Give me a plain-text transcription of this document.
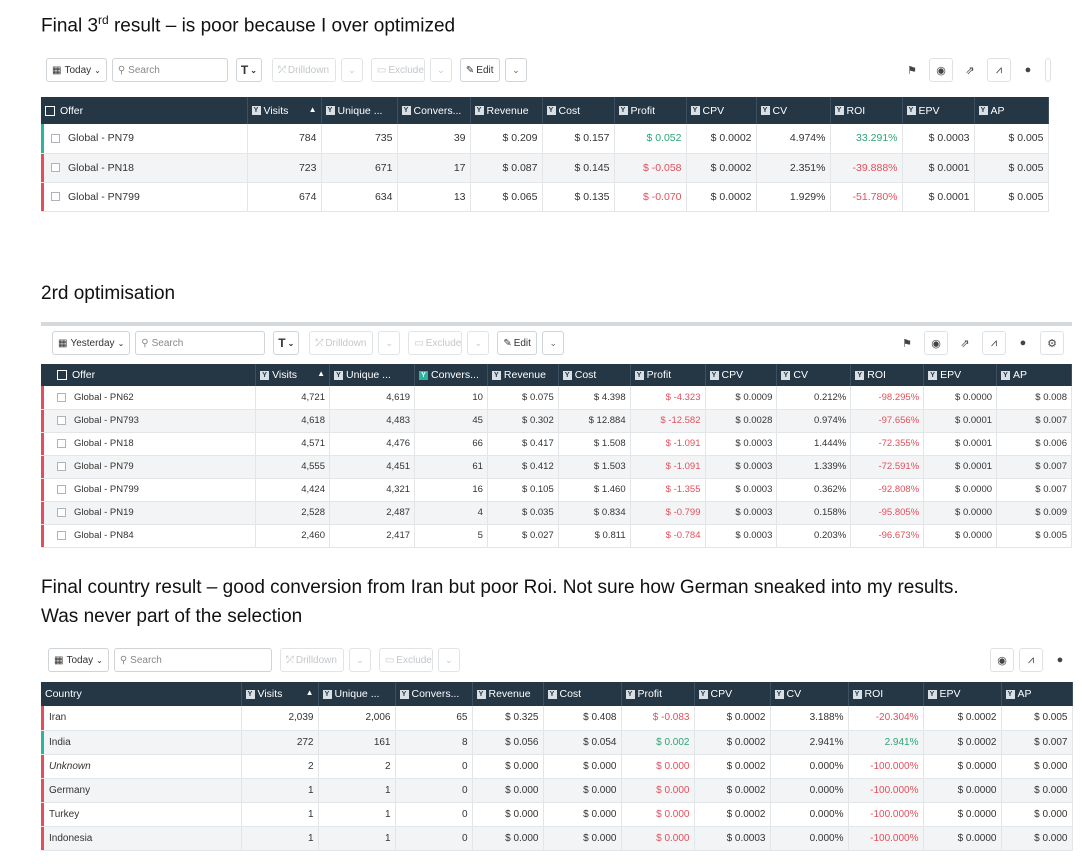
Final 3rd result – is poor because I over optimized
▦ Today ⌄ ⚲ Search	T ⌄ ⤱ Drilldown	⌄	▭ Exclude	⌄	✎ Edit	⌄	⚑	◉	⇗	⩘	●
Offer	Y Visits ▲	Y Unique ...	Y Convers...	Y Revenue	Y Cost	Y Profit	Y CPV	Y CV	Y ROI	Y EPV	Y AP

Global - PN79	784	735	39	$ 0.209	$ 0.157	$ 0.052	$ 0.0002	4.974%	33.291%	$ 0.0003	$ 0.005

Global - PN18	723	671	17	$ 0.087	$ 0.145	$ -0.058	$ 0.0002	2.351%	-39.888%	$ 0.0001	$ 0.005

Global - PN799	674	634	13	$ 0.065	$ 0.135	$ -0.070	$ 0.0002	1.929%	-51.780%	$ 0.0001	$ 0.005
2rd optimisation
▦ Yesterday ⌄ ⚲ Search	T ⌄ ⤱ Drilldown	⌄	▭ Exclude	⌄	✎ Edit	⌄	⚑	◉	⇗	⩘	●	⚙
Offer	Y Visits ▲	Y Unique ...	Y Convers...	Y Revenue	Y Cost	Y Profit	Y CPV	Y CV	Y ROI	Y EPV	Y AP

Global - PN62	4,721	4,619	10	$ 0.075	$ 4.398	$ -4.323	$ 0.0009	0.212%	-98.295%	$ 0.0000	$ 0.008

Global - PN793	4,618	4,483	45	$ 0.302	$ 12.884	$ -12.582	$ 0.0028	0.974%	-97.656%	$ 0.0001	$ 0.007

Global - PN18	4,571	4,476	66	$ 0.417	$ 1.508	$ -1.091	$ 0.0003	1.444%	-72.355%	$ 0.0001	$ 0.006

Global - PN79	4,555	4,451	61	$ 0.412	$ 1.503	$ -1.091	$ 0.0003	1.339%	-72.591%	$ 0.0001	$ 0.007

Global - PN799	4,424	4,321	16	$ 0.105	$ 1.460	$ -1.355	$ 0.0003	0.362%	-92.808%	$ 0.0000	$ 0.007

Global - PN19	2,528	2,487	4	$ 0.035	$ 0.834	$ -0.799	$ 0.0003	0.158%	-95.805%	$ 0.0000	$ 0.009

Global - PN84	2,460	2,417	5	$ 0.027	$ 0.811	$ -0.784	$ 0.0003	0.203%	-96.673%	$ 0.0000	$ 0.005
Final country result – good conversion from Iran but poor Roi. Not sure how German sneaked into my results. Was never part of the selection
▦ Today ⌄ ⚲ Search	⤱ Drilldown	⌄	▭ Exclude	⌄	◉	⩘	●
Country	Y Visits ▲	Y Unique ...	Y Convers...	Y Revenue	Y Cost	Y Profit	Y CPV	Y CV	Y ROI	Y EPV	Y AP

Iran	2,039	2,006	65	$ 0.325	$ 0.408	$ -0.083	$ 0.0002	3.188%	-20.304%	$ 0.0002	$ 0.005

India	272	161	8	$ 0.056	$ 0.054	$ 0.002	$ 0.0002	2.941%	2.941%	$ 0.0002	$ 0.007

Unknown	2	2	0	$ 0.000	$ 0.000	$ 0.000	$ 0.0002	0.000%	-100.000%	$ 0.0000	$ 0.000

Germany	1	1	0	$ 0.000	$ 0.000	$ 0.000	$ 0.0002	0.000%	-100.000%	$ 0.0000	$ 0.000

Turkey	1	1	0	$ 0.000	$ 0.000	$ 0.000	$ 0.0002	0.000%	-100.000%	$ 0.0000	$ 0.000

Indonesia	1	1	0	$ 0.000	$ 0.000	$ 0.000	$ 0.0003	0.000%	-100.000%	$ 0.0000	$ 0.000
